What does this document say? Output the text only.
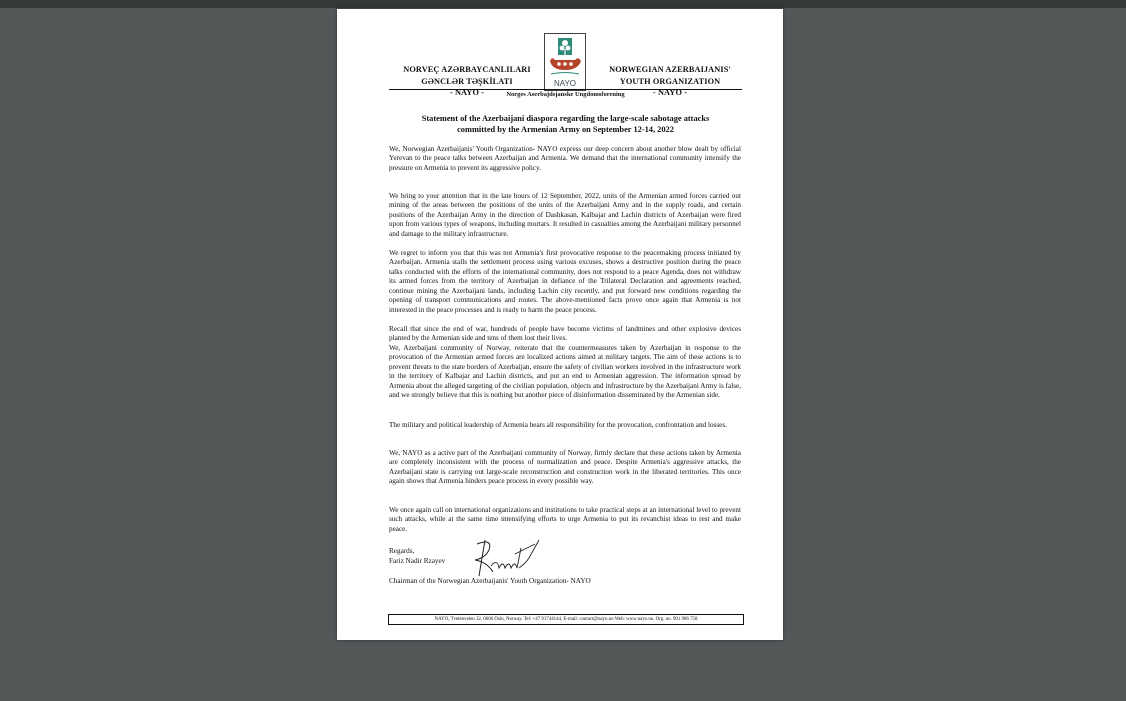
NORVEÇ AZƏRBAYCANLILARI
GƏNCLƏR TƏŞKİLATI
- NAYO -
NAYO
NORWEGIAN AZERBAIJANIS'
YOUTH ORGANIZATION
- NAYO -
Norges Aserbajdsjanske Ungdomsforening
Statement of the Azerbaijani diaspora regarding the large-scale sabotage attacks
committed by the Armenian Army on September 12-14, 2022

We, Norwegian Azerbaijanis' Youth Organization- NAYO express our deep concern about another blow dealt by official Yerevan to the peace talks between Azerbaijan and Armenia. We demand that the international community intensify the pressure on Armenia to prevent its aggressive policy.

We bring to your attention that in the late hours of 12 September, 2022, units of the Armenian armed forces carried out mining of the areas between the positions of the units of the Azerbaijani Army and in the supply roads, and certain positions of the Azerbaijan Army in the direction of Dashkasan, Kalbajar and Lachin districts of Azerbaijan were fired upon from various types of weapons, including mortars. It resulted in casualties among the Azerbaijani military personnel and damage to the military infrastructure.

We regret to inform you that this was not Armenia's first provocative response to the peacemaking process initiated by Azerbaijan. Armenia stalls the settlement process using various excuses, shows a destructive position during the peace talks conducted with the efforts of the international community, does not respond to a peace Agenda, does not withdraw its armed forces from the territory of Azerbaijan in defiance of the Trilateral Declaration and agreements reached, continue mining the Azerbaijani lands, including Lachin city recently, and put forward new conditions regarding the opening of transport communications and routes. The above-mentioned facts prove once again that Armenia is not interested in the peace processes and is ready to harm the peace process.

Recall that since the end of war, hundreds of people have become victims of landmines and other explosive devices planted by the Armenian side and tens of them lost their lives.

We, Azerbaijani community of Norway, reiterate that the countermeasures taken by Azerbaijan in response to the provocation of the Armenian armed forces are localized actions aimed at military targets. The aim of these actions is to prevent threats to the state borders of Azerbaijan, ensure the safety of civilian workers involved in the infrastructure work in the territory of Kalbajar and Lachin districts, and put an end to Armenian aggression. The information spread by Armenia about the alleged targeting of the civilian population, objects and infrastructure by the Azerbaijani Army is false, and we strongly believe that this is nothing but another piece of disinformation disseminated by the Armenian side.

The military and political leadership of Armenia bears all responsibility for the provocation, confrontation and losses.

We, NAYO as a active part of the Azerbaijani community of Norway, firmly declare that these actions taken by Armenia are completely inconsistent with the process of normalization and peace. Despite Armenia's aggressive attacks, the Azerbaijani state is carrying out large-scale reconstruction and construction work in the liberated territories. This once again shows that Armenia hinders peace process in every possible way.

We once again call on international organizations and institutions to take practical steps at an international level to prevent such attacks, while at the same time intensifying efforts to urge Armenia to put its revanchist ideas to rest and make peace.

Regards,
Fariz Nadir Rzayev
Chairman of the Norwegian Azerbaijanis' Youth Organization- NAYO
NAYO, Tvetenveien 32, 0666 Oslo, Norway. Tel: +47 91744144, E-mail: contact@nayo.no Web: www.nayo.no. Org. no. 991 986 758
